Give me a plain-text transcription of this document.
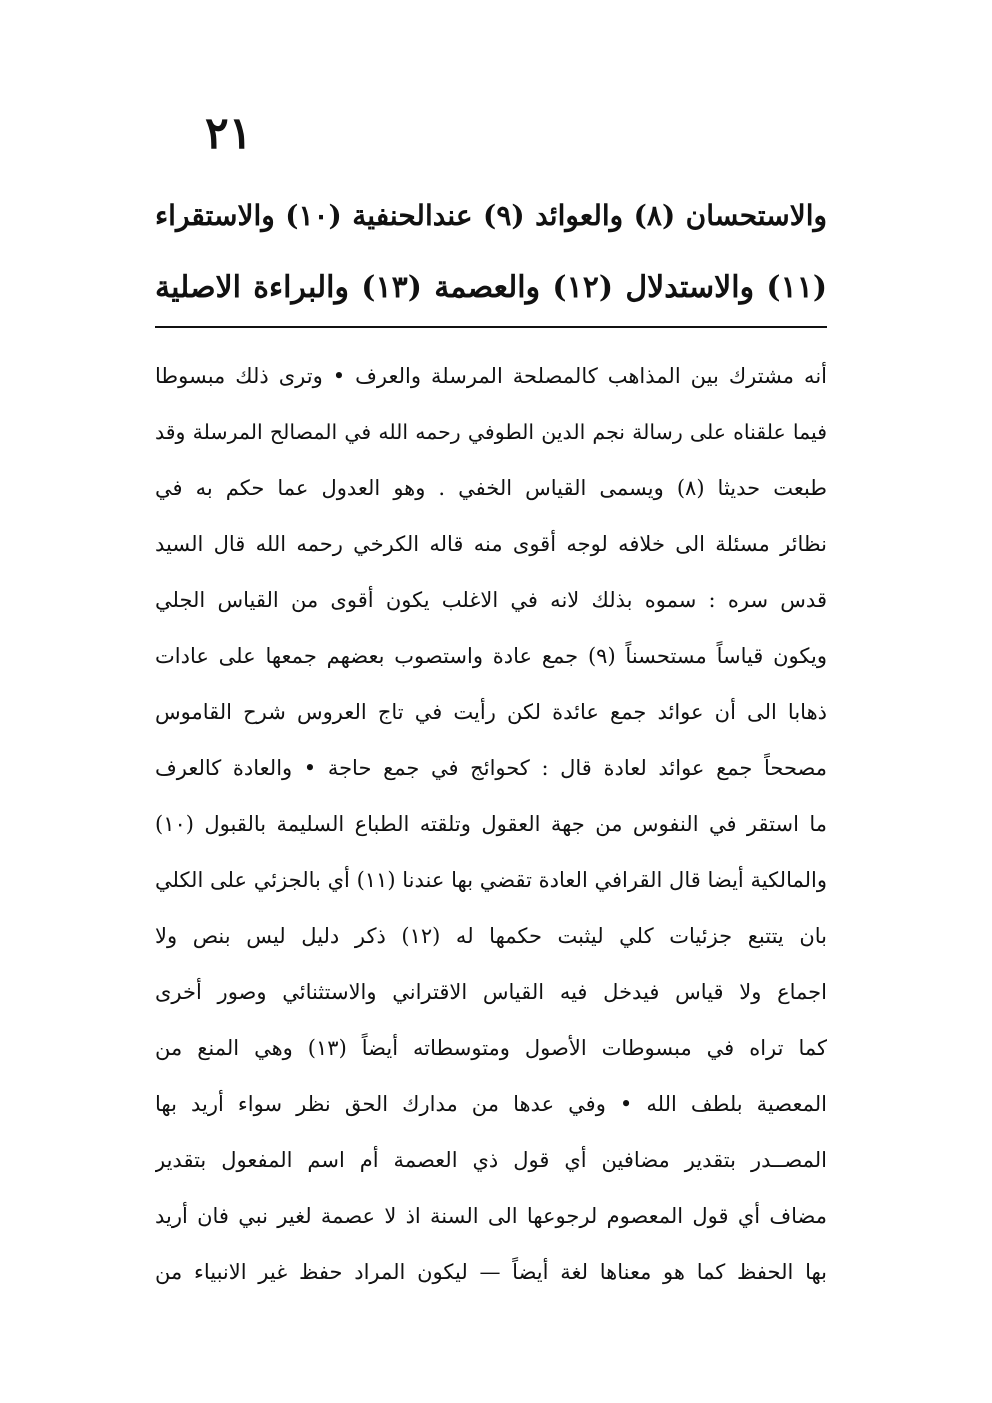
٢١
والاستحسان (٨) والعوائد (٩) عندالحنفية (١٠) والاستقراء
(١١) والاستدلال (١٢) والعصمة (١٣) والبراءة الاصلية
أنه مشترك بين المذاهب كالمصلحة المرسلة والعرف • وترى ذلك مبسوطا
فيما علقناه على رسالة نجم الدين الطوفي رحمه الله في المصالح المرسلة وقد
طبعت حديثا (٨) ويسمى القياس الخفي . وهو العدول عما حكم به في
نظائر مسئلة الى خلافه لوجه أقوى منه قاله الكرخي رحمه الله قال السيد
قدس سره : سموه بذلك لانه في الاغلب يكون أقوى من القياس الجلي
ويكون قياساً مستحسناً (٩) جمع عادة واستصوب بعضهم جمعها على عادات
ذهابا الى أن عوائد جمع عائدة لكن رأيت في تاج العروس شرح القاموس
مصححاً جمع عوائد لعادة قال : كحوائج في جمع حاجة • والعادة كالعرف
ما استقر في النفوس من جهة العقول وتلقته الطباع السليمة بالقبول (١٠)
والمالكية أيضا قال القرافي العادة تقضي بها عندنا (١١) أي بالجزئي على الكلي
بان يتتبع جزئيات كلي ليثبت حكمها له (١٢) ذكر دليل ليس بنص ولا
اجماع ولا قياس فيدخل فيه القياس الاقتراني والاستثنائي وصور أخرى
كما تراه في مبسوطات الأصول ومتوسطاته أيضاً (١٣) وهي المنع من
المعصية بلطف الله • وفي عدها من مدارك الحق نظر سواء أريد بها
المصــدر بتقدير مضافين أي قول ذي العصمة أم اسم المفعول بتقدير
مضاف أي قول المعصوم لرجوعها الى السنة اذ لا عصمة لغير نبي فان أريد
بها الحفظ كما هو معناها لغة أيضاً — ليكون المراد حفظ غير الانبياء من
